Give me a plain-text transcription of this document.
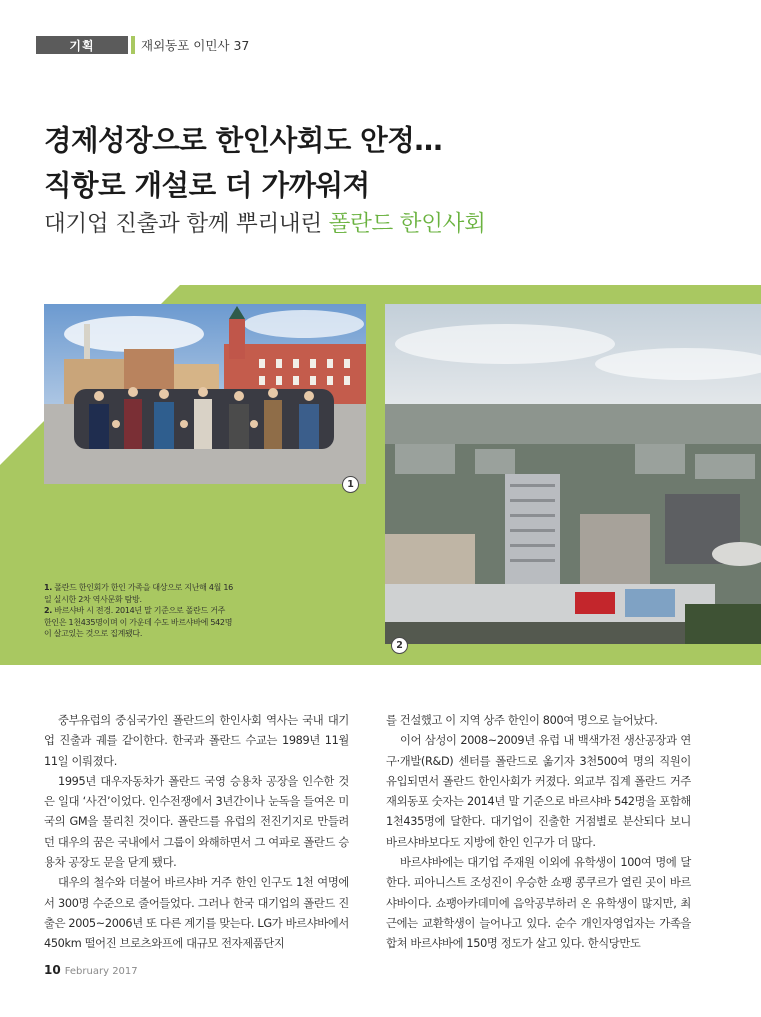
기획	재외동포 이민사 37
경제성장으로 한인사회도 안정…
직항로 개설로 더 가까워져
대기업 진출과 함께 뿌리내린 폴란드 한인사회
1
2
1. 폴란드 한인회가 한인 가족을 대상으로 지난해 4월 16일 실시한 2차 역사문화 탐방.
2. 바르샤바 시 전경. 2014년 말 기준으로 폴란드 거주 한인은 1천435명이며 이 가운데 수도 바르샤바에 542명이 살고있는 것으로 집계됐다.

중부유럽의 중심국가인 폴란드의 한인사회 역사는 국내 대기업 진출과 궤를 같이한다. 한국과 폴란드 수교는 1989년 11월 11일 이뤄졌다.

1995년 대우자동차가 폴란드 국영 승용차 공장을 인수한 것은 일대 ‘사건’이었다. 인수전쟁에서 3년간이나 눈독을 들여온 미국의 GM을 물리친 것이다. 폴란드를 유럽의 전진기지로 만들려던 대우의 꿈은 국내에서 그룹이 와해하면서 그 여파로 폴란드 승용차 공장도 문을 닫게 됐다.

대우의 철수와 더불어 바르샤바 거주 한인 인구도 1천 여명에서 300명 수준으로 줄어들었다. 그러나 한국 대기업의 폴란드 진출은 2005~2006년 또 다른 계기를 맞는다. LG가 바르샤바에서 450km 떨어진 브로츠와프에 대규모 전자제품단지

를 건설했고 이 지역 상주 한인이 800여 명으로 늘어났다.

이어 삼성이 2008~2009년 유럽 내 백색가전 생산공장과 연구·개발(R&D) 센터를 폴란드로 옮기자 3천500여 명의 직원이 유입되면서 폴란드 한인사회가 커졌다. 외교부 집계 폴란드 거주 재외동포 숫자는 2014년 말 기준으로 바르샤바 542명을 포함해 1천435명에 달한다. 대기업이 진출한 거점별로 분산되다 보니 바르샤바보다도 지방에 한인 인구가 더 많다.

바르샤바에는 대기업 주재원 이외에 유학생이 100여 명에 달한다. 피아니스트 조성진이 우승한 쇼팽 콩쿠르가 열린 곳이 바르샤바이다. 쇼팽아카데미에 음악공부하러 온 유학생이 많지만, 최근에는 교환학생이 늘어나고 있다. 순수 개인자영업자는 가족을 합쳐 바르샤바에 150명 정도가 살고 있다. 한식당만도

10 February 2017
